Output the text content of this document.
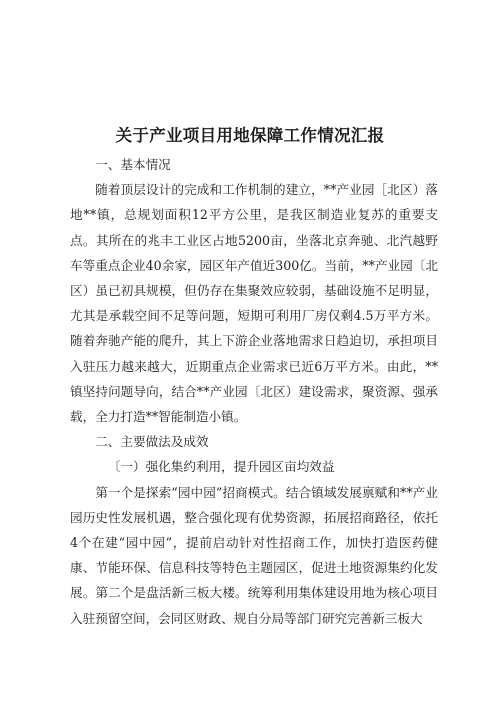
关于产业项目用地保障工作情况汇报

一、基本情况

随着顶层设计的完成和工作机制的建立，**产业园［北区）落地**镇，总规划面积12平方公里，是我区制造业复苏的重要支点。其所在的兆丰工业区占地5200亩，坐落北京奔驰、北汽越野车等重点企业40余家，园区年产值近300亿。当前，**产业园〔北区）虽已初具规模，但仍存在集聚效应较弱，基础设施不足明显，尤其是承载空间不足等问题，短期可利用厂房仅剩4.5万平方米。随着奔驰产能的爬升，其上下游企业落地需求日趋迫切，承担项目入驻压力越来越大，近期重点企业需求已近6万平方米。由此，**镇坚持问题导向，结合**产业园〔北区）建设需求，聚资源、强承载，全力打造**智能制造小镇。

二、主要做法及成效

〔一）强化集约利用，提升园区亩均效益

第一个是探索“园中园”招商模式。结合镇域发展禀赋和**产业园历史性发展机遇，整合强化现有优势资源，拓展招商路径，依托4个在建“园中园”，提前启动针对性招商工作，加快打造医药健康、节能环保、信息科技等特色主题园区，促进土地资源集约化发展。第二个是盘活新三板大楼。统筹利用集体建设用地为核心项目入驻预留空间，会同区财政、规自分局等部门研究完善新三板大
